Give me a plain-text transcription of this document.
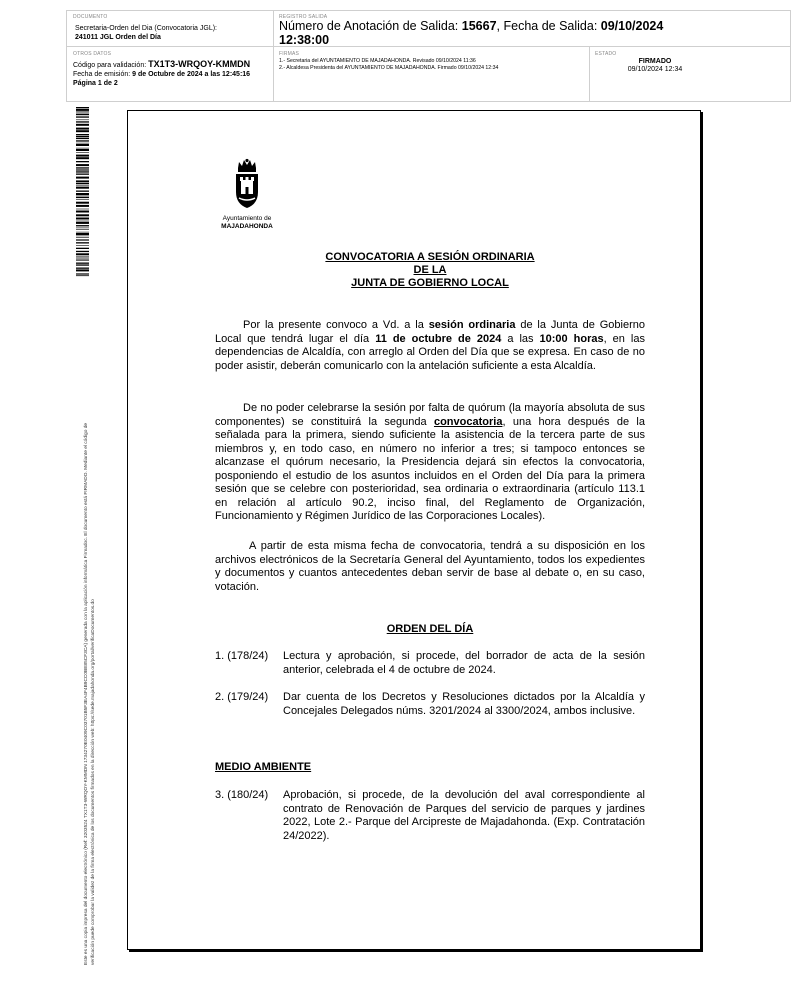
DOCUMENTO
Secretaria-Orden del Dia (Convocatoria JGL):
241011 JGL Orden del Día
REGISTRO SALIDA
Número de Anotación de Salida: 15667, Fecha de Salida: 09/10/2024
12:38:00
OTROS DATOS
Código para validación: TX1T3-WRQOY-KMMDN
Fecha de emisión: 9 de Octubre de 2024 a las 12:45:16
Página 1 de 2
FIRMAS
1.- Secretaria del AYUNTAMIENTO DE MAJADAHONDA. Revisado 09/10/2024 11:36
2.- Alcaldesa Presidenta del AYUNTAMIENTO DE MAJADAHONDA. Firmado 09/10/2024 12:34
ESTADO
FIRMADO
09/10/2024 12:34
Este es una copia impresa del documento electrónico (Ref: 3203524 TX1T3-WRQOY-KMMDN 1734270E0409C03701B5F3EA4F4B9CC0BE85CF3CA) generada con la aplicación informática Firmadoc. El documento está FIRMADO. Mediante el código de verificación puede comprobar la validez de la firma electrónica de los documentos firmados en la dirección web: https://sede.majadahonda.org/portal/verificaDocumentos.do
Ayuntamiento de
MAJADAHONDA
CONVOCATORIA A SESIÓN ORDINARIA
DE LA
JUNTA DE GOBIERNO LOCAL
Por la presente convoco a Vd. a la sesión ordinaria de la Junta de Gobierno Local que tendrá lugar el día 11 de octubre de 2024 a las 10:00 horas, en las dependencias de Alcaldía, con arreglo al Orden del Día que se expresa. En caso de no poder asistir, deberán comunicarlo con la antelación suficiente a esta Alcaldía.
De no poder celebrarse la sesión por falta de quórum (la mayoría absoluta de sus componentes) se constituirá la segunda convocatoria, una hora después de la señalada para la primera, siendo suficiente la asistencia de la tercera parte de sus miembros y, en todo caso, en número no inferior a tres; si tampoco entonces se alcanzase el quórum necesario, la Presidencia dejará sin efectos la convocatoria, posponiendo el estudio de los asuntos incluidos en el Orden del Día para la primera sesión que se celebre con posterioridad, sea ordinaria o extraordinaria (artículo 113.1 en relación al artículo 90.2, inciso final, del Reglamento de Organización, Funcionamiento y Régimen Jurídico de las Corporaciones Locales).
A partir de esta misma fecha de convocatoria, tendrá a su disposición en los archivos electrónicos de la Secretaría General del Ayuntamiento, todos los expedientes y documentos y cuantos antecedentes deban servir de base al debate o, en su caso, votación.
ORDEN DEL DÍA
1. (178/24) Lectura y aprobación, si procede, del borrador de acta de la sesión anterior, celebrada el 4 de octubre de 2024.
2. (179/24) Dar cuenta de los Decretos y Resoluciones dictados por la Alcaldía y Concejales Delegados núms. 3201/2024 al 3300/2024, ambos inclusive.
MEDIO AMBIENTE
3. (180/24) Aprobación, si procede, de la devolución del aval correspondiente al contrato de Renovación de Parques del servicio de parques y jardines 2022, Lote 2.- Parque del Arcipreste de Majadahonda. (Exp. Contratación 24/2022).
